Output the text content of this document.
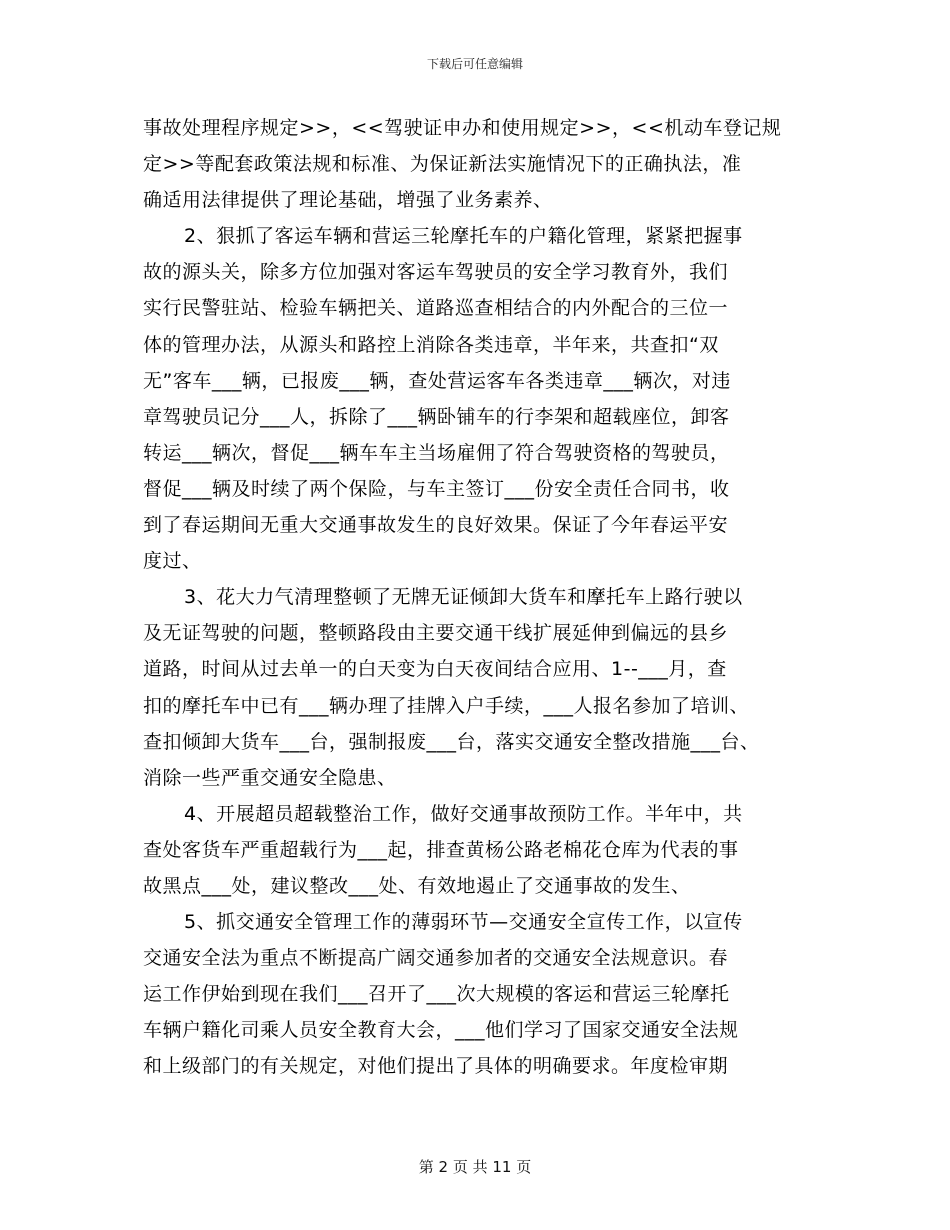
下载后可任意编辑
事故处理程序规定>>，<<驾驶证申办和使用规定>>，<<机动车登记规
定>>等配套政策法规和标准、为保证新法实施情况下的正确执法，准
确适用法律提供了理论基础，增强了业务素养、
2、狠抓了客运车辆和营运三轮摩托车的户籍化管理，紧紧把握事
故的源头关，除多方位加强对客运车驾驶员的安全学习教育外，我们
实行民警驻站、检验车辆把关、道路巡查相结合的内外配合的三位一
体的管理办法，从源头和路控上消除各类违章，半年来，共查扣“双
无”客车___辆，已报废___辆，查处营运客车各类违章___辆次，对违
章驾驶员记分___人，拆除了___辆卧铺车的行李架和超载座位，卸客
转运___辆次，督促___辆车车主当场雇佣了符合驾驶资格的驾驶员，
督促___辆及时续了两个保险，与车主签订___份安全责任合同书，收
到了春运期间无重大交通事故发生的良好效果。保证了今年春运平安
度过、
3、花大力气清理整顿了无牌无证倾卸大货车和摩托车上路行驶以
及无证驾驶的问题，整顿路段由主要交通干线扩展延伸到偏远的县乡
道路，时间从过去单一的白天变为白天夜间结合应用、1--___月，查
扣的摩托车中已有___辆办理了挂牌入户手续，___人报名参加了培训、
查扣倾卸大货车___台，强制报废___台，落实交通安全整改措施___台、
消除一些严重交通安全隐患、
4、开展超员超载整治工作，做好交通事故预防工作。半年中，共
查处客货车严重超载行为___起，排查黄杨公路老棉花仓库为代表的事
故黑点___处，建议整改___处、有效地遏止了交通事故的发生、
5、抓交通安全管理工作的薄弱环节—交通安全宣传工作，以宣传
交通安全法为重点不断提高广阔交通参加者的交通安全法规意识。春
运工作伊始到现在我们___召开了___次大规模的客运和营运三轮摩托
车辆户籍化司乘人员安全教育大会，___他们学习了国家交通安全法规
和上级部门的有关规定，对他们提出了具体的明确要求。年度检审期
第 2 页 共 11 页
